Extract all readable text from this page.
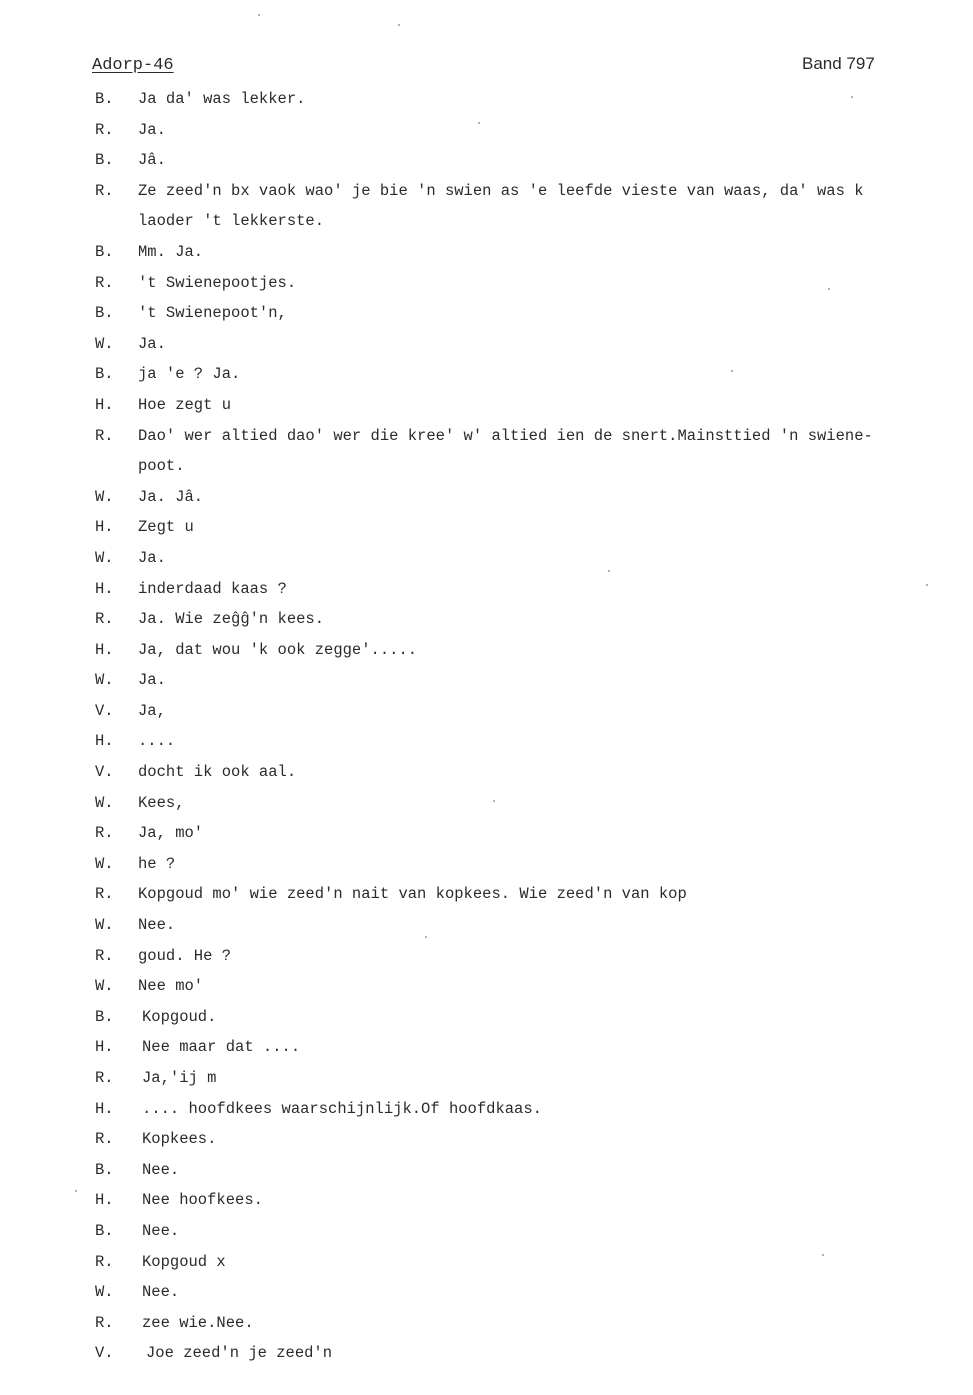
Adorp-46	Band 797
B. Ja da' was lekker.
R. Ja.
B. Jâ.
R. Ze zeed'n bx vaok wao' je bie 'n swien as 'e leefde vieste van waas, da' was k
laoder 't lekkerste.
B. Mm. Ja.
R. 't Swienepootjes.
B. 't Swienepoot'n,
W. Ja.
B. ja 'e ? Ja.
H. Hoe zegt u
R. Dao' wer altied dao' wer die kree' w' altied ien de snert.Mainsttied 'n swiene-
poot.
W. Ja. Jâ.
H. Zegt u
W. Ja.
H. inderdaad kaas ?
R. Ja. Wie zeĝĝ'n kees.
H. Ja, dat wou 'k ook zegge'.....
W. Ja.
V. Ja,
H. ....
V. docht ik ook aal.
W. Kees,
R. Ja, mo'
W. he ?
R. Kopgoud mo' wie zeed'n nait van kopkees. Wie zeed'n van kop
W. Nee.
R. goud. He ?
W. Nee mo'
B. Kopgoud.
H. Nee maar dat ....
R. Ja,'ij m
H. .... hoofdkees waarschijnlijk.Of hoofdkaas.
R. Kopkees.
B. Nee.
H. Nee hoofkees.
B. Nee.
R. Kopgoud x
W. Nee.
R. zee wie.Nee.
V. Joe zeed'n je zeed'n
